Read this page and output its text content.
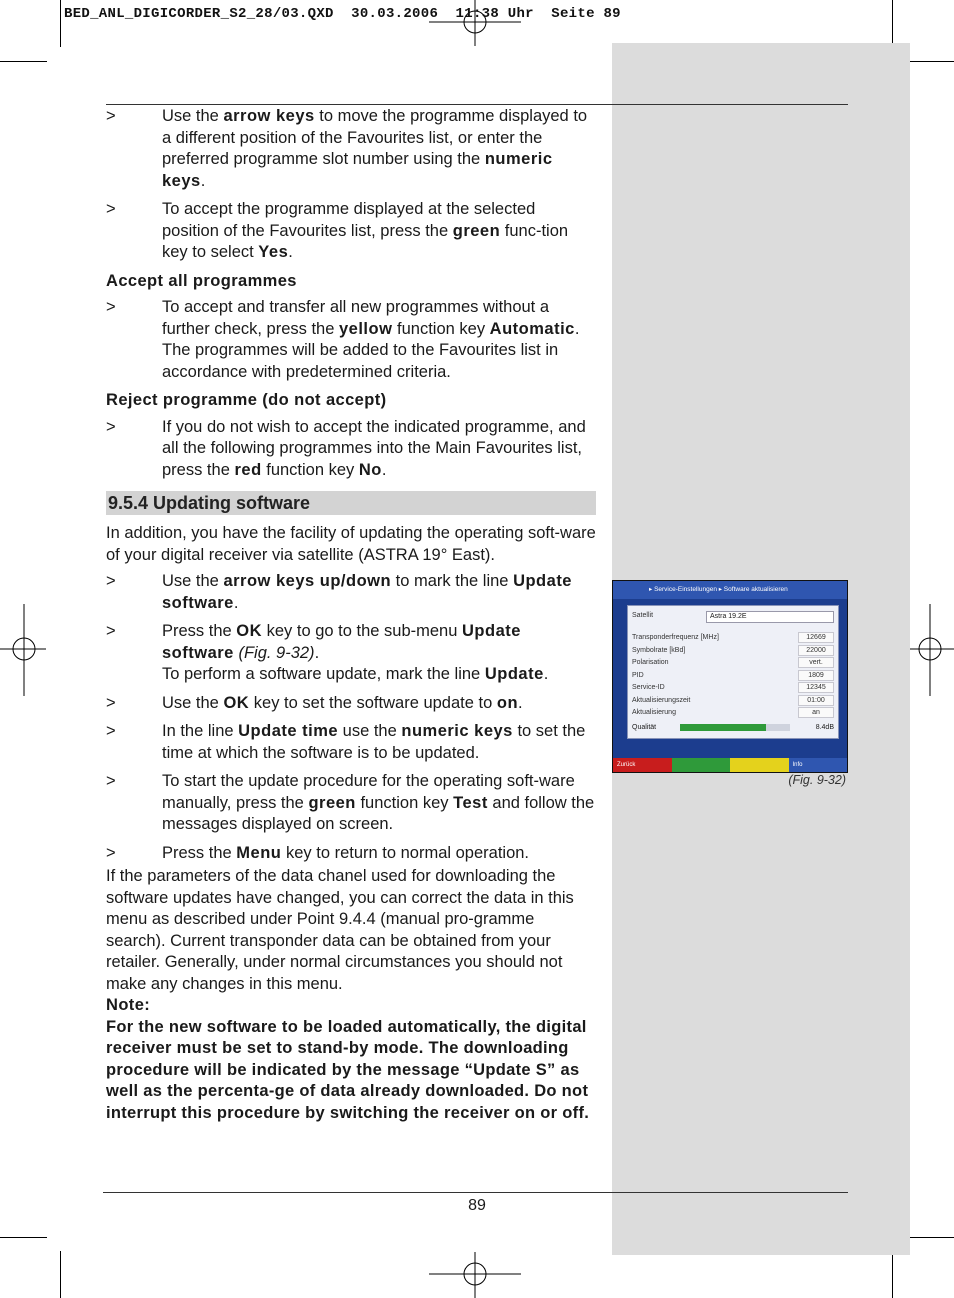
BED_ANL_DIGICORDER_S2_28/03.QXD  30.03.2006  11:38 Uhr  Seite 89
>	Use the arrow keys to move the programme displayed to a different position of the Favourites list, or enter the preferred programme slot number using the numeric keys.
>	To accept the programme displayed at the selected position of the Favourites list, press the green func-tion key to select Yes.
Accept all programmes
>	To accept and transfer all new programmes without a further check, press the yellow function key Automatic.
The programmes will be added to the Favourites list in accordance with predetermined criteria.
Reject programme (do not accept)
>	If you do not wish to accept the indicated programme, and all the following programmes into the Main Favourites list, press the red function key No.
9.5.4 Updating software
In addition, you have the facility of updating the operating soft-ware of your digital receiver via satellite (ASTRA 19° East).
>	Use the arrow keys up/down to mark the line Update software.
>	Press the OK key to go to the sub-menu Update software (Fig. 9-32).
To perform a software update, mark the line Update.
>	Use the OK key to set the software update to on.
>	In the line Update time use the numeric keys to set the time at which the software is to be updated.
>	To start the update procedure for the operating soft-ware manually, press the green function key Test and follow the messages displayed on screen.
>	Press the Menu key to return to normal operation.
If the parameters of the data chanel used for downloading the software updates have changed, you can correct the data in this menu as described under Point 9.4.4 (manual pro-gramme search). Current transponder data can be obtained from your retailer. Generally, under normal circumstances you should not make any changes in this menu.
Note:
For the new software to be loaded automatically, the digital receiver must be set to stand-by mode. The downloading procedure will be indicated by the message “Update S” as well as the percenta-ge of data already downloaded. Do not interrupt this procedure by switching the receiver on or off.
▸ Service-Einstellungen ▸ Software aktualisieren
Satellit	Astra 19.2E
Transponderfrequenz [MHz]	12669
Symbolrate [kBd]	22000
Polarisation	vert.
PID	1809
Service-ID	12345
Aktualisierungszeit	01:00
Aktualisierung	an
Qualität	8.4dB
Zurück	Info
(Fig. 9-32)
89
